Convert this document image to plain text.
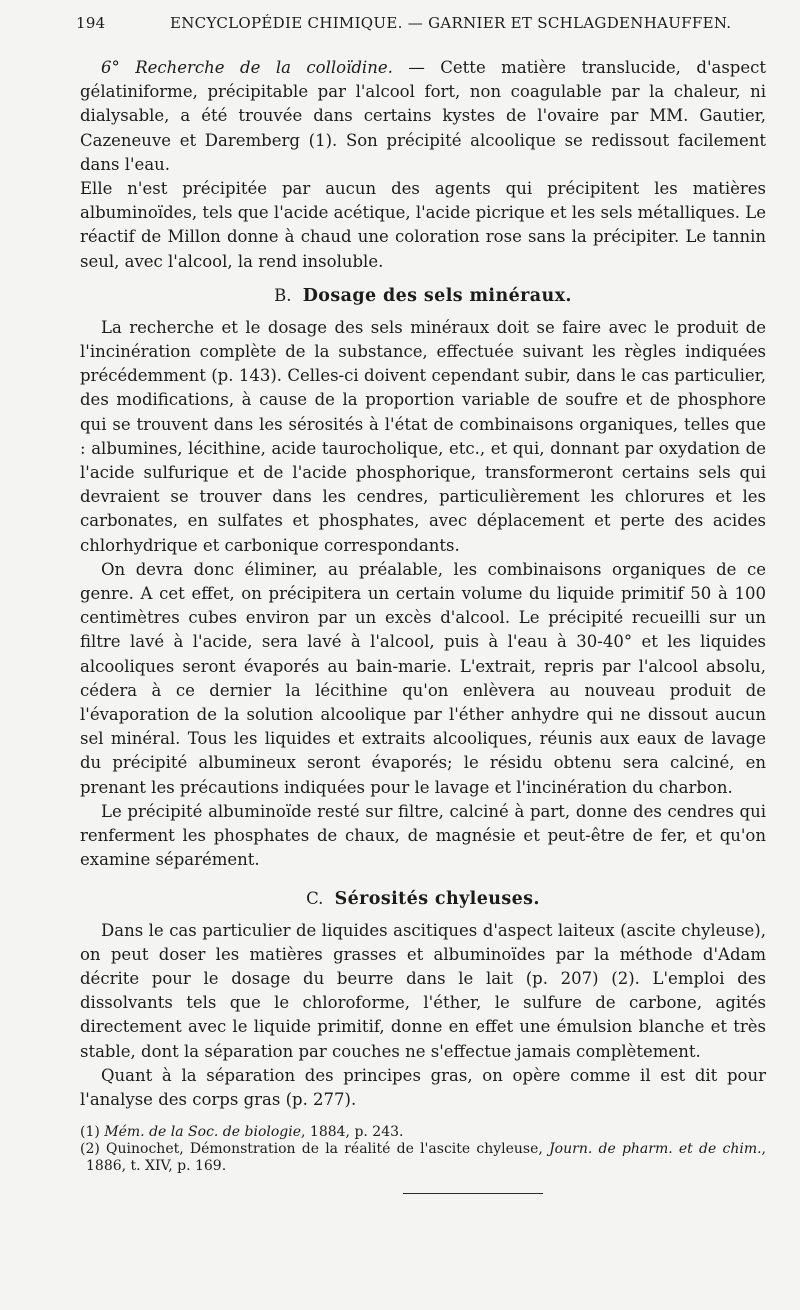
194	ENCYCLOPÉDIE CHIMIQUE. — GARNIER ET SCHLAGDENHAUFFEN.

6° Recherche de la colloïdine. — Cette matière translucide, d'aspect gélatiniforme, précipitable par l'alcool fort, non coagulable par la chaleur, ni dialysable, a été trouvée dans certains kystes de l'ovaire par MM. Gautier, Cazeneuve et Daremberg (1). Son précipité alcoolique se redissout facilement dans l'eau.

Elle n'est précipitée par aucun des agents qui précipitent les matières albuminoïdes, tels que l'acide acétique, l'acide picrique et les sels métalliques. Le réactif de Millon donne à chaud une coloration rose sans la précipiter. Le tannin seul, avec l'alcool, la rend insoluble.

B. Dosage des sels minéraux.

La recherche et le dosage des sels minéraux doit se faire avec le produit de l'incinération complète de la substance, effectuée suivant les règles indiquées précédemment (p. 143). Celles-ci doivent cependant subir, dans le cas particulier, des modifications, à cause de la proportion variable de soufre et de phosphore qui se trouvent dans les sérosités à l'état de combinaisons organiques, telles que : albumines, lécithine, acide taurocholique, etc., et qui, donnant par oxydation de l'acide sulfurique et de l'acide phosphorique, transformeront certains sels qui devraient se trouver dans les cendres, particulièrement les chlorures et les carbonates, en sulfates et phosphates, avec déplacement et perte des acides chlorhydrique et carbonique correspondants.

On devra donc éliminer, au préalable, les combinaisons organiques de ce genre. A cet effet, on précipitera un certain volume du liquide primitif 50 à 100 centimètres cubes environ par un excès d'alcool. Le précipité recueilli sur un filtre lavé à l'acide, sera lavé à l'alcool, puis à l'eau à 30-40° et les liquides alcooliques seront évaporés au bain-marie. L'extrait, repris par l'alcool absolu, cédera à ce dernier la lécithine qu'on enlèvera au nouveau produit de l'évaporation de la solution alcoolique par l'éther anhydre qui ne dissout aucun sel minéral. Tous les liquides et extraits alcooliques, réunis aux eaux de lavage du précipité albumineux seront évaporés; le résidu obtenu sera calciné, en prenant les précautions indiquées pour le lavage et l'incinération du charbon.

Le précipité albuminoïde resté sur filtre, calciné à part, donne des cendres qui renferment les phosphates de chaux, de magnésie et peut-être de fer, et qu'on examine séparément.

C. Sérosités chyleuses.

Dans le cas particulier de liquides ascitiques d'aspect laiteux (ascite chyleuse), on peut doser les matières grasses et albuminoïdes par la méthode d'Adam décrite pour le dosage du beurre dans le lait (p. 207) (2). L'emploi des dissolvants tels que le chloroforme, l'éther, le sulfure de carbone, agités directement avec le liquide primitif, donne en effet une émulsion blanche et très stable, dont la séparation par couches ne s'effectue jamais complètement.

Quant à la séparation des principes gras, on opère comme il est dit pour l'analyse des corps gras (p. 277).

(1) Mém. de la Soc. de biologie, 1884, p. 243.
(2) Quinochet, Démonstration de la réalité de l'ascite chyleuse, Journ. de pharm. et de chim., 1886, t. XIV, p. 169.
